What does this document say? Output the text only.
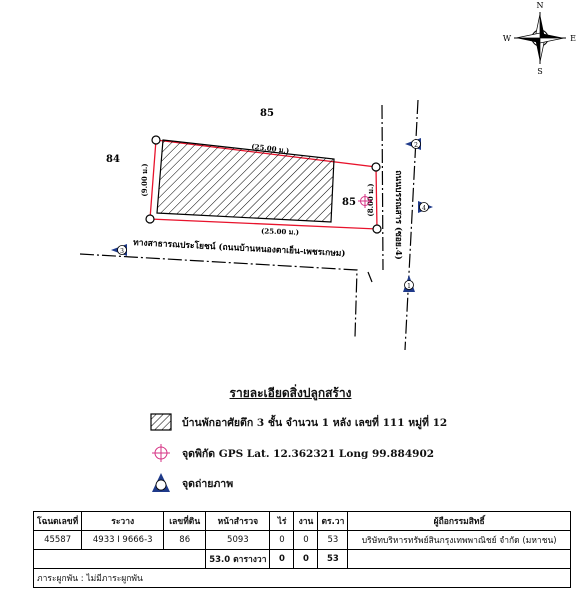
N
S
E
W
85
84
85
(25.00 ม.)
(25.00 ม.)
(9.00 ม.)
(8.00 ม.)
ทางสาธารณประโยชน์ (ถนนบ้านหนองตาเย็น-เพชรเกษม)	ถนนบรรณสาร (ซอย.4)
1
2
3
4
รายละเอียดสิ่งปลูกสร้าง
บ้านพักอาศัยตึก 3 ชั้น จำนวน 1 หลัง เลขที่ 111 หมู่ที่ 12
จุดพิกัด GPS Lat. 12.362321 Long 99.884902
จุดถ่ายภาพ
โฉนดเลขที่	ระวาง	เลขที่ดิน	หน้าสำรวจ	ไร่	งาน	ตร.วา	ผู้ถือกรรมสิทธิ์
45587	4933 I 9666-3	86	5093	0	0	53	บริษัทบริหารทรัพย์สินกรุงเทพพาณิชย์ จำกัด (มหาชน)
			53.0 ตารางวา	0	0	53	
ภาระผูกพัน : ไม่มีภาระผูกพัน							
